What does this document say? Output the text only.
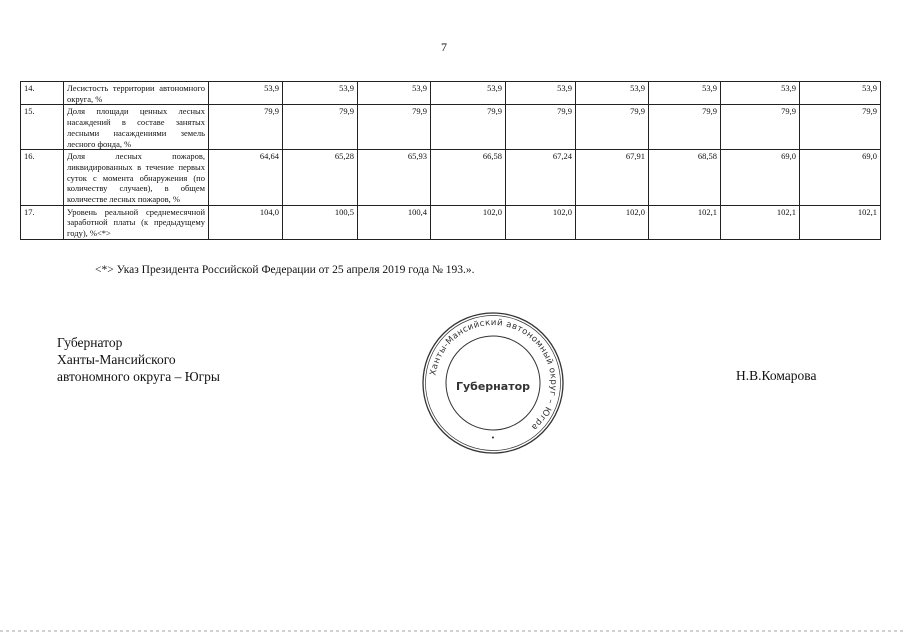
7
14.	Лесистость территории автономного округа, %	53,9	53,9	53,9	53,9	53,9	53,9	53,9	53,9	53,9
15.	Доля площади ценных лесных насаждений в составе занятых лесными насаждениями земель лесного фонда, %	79,9	79,9	79,9	79,9	79,9	79,9	79,9	79,9	79,9
16.	Доля лесных пожаров, ликвидированных в течение первых суток с момента обнаружения (по количеству случаев), в общем количестве лесных пожаров, %	64,64	65,28	65,93	66,58	67,24	67,91	68,58	69,0	69,0
17.	Уровень реальной среднемесячной заработной платы (к предыдущему году), %<*>	104,0	100,5	100,4	102,0	102,0	102,0	102,1	102,1	102,1
<*> Указ Президента Российской Федерации от 25 апреля 2019 года № 193.».
Губернатор
Ханты-Мансийского
автономного округа – Югры	Н.В.Комарова
Ханты-Мансийский автономный округ – Югра
Губернатор
•
